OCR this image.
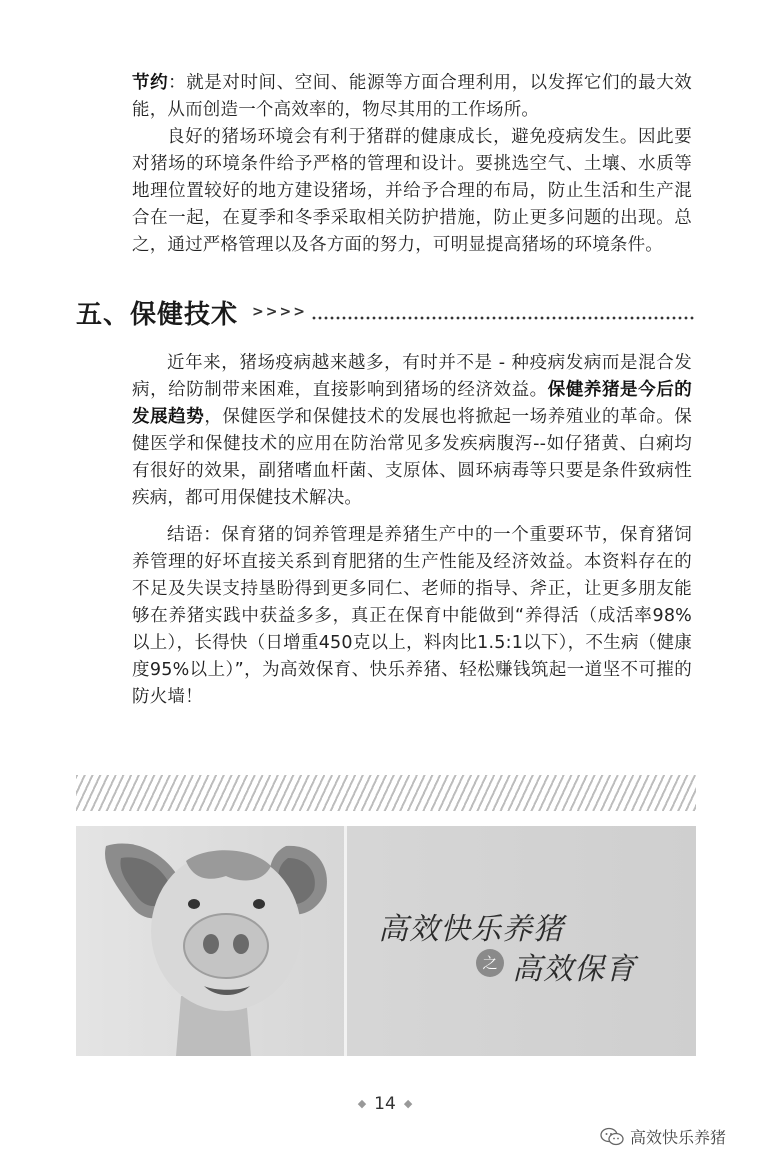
节约：就是对时间、空间、能源等方面合理利用，以发挥它们的最大效能，从而创造一个高效率的，物尽其用的工作场所。
良好的猪场环境会有利于猪群的健康成长，避免疫病发生。因此要对猪场的环境条件给予严格的管理和设计。要挑选空气、土壤、水质等地理位置较好的地方建设猪场，并给予合理的布局，防止生活和生产混合在一起，在夏季和冬季采取相关防护措施，防止更多问题的出现。总之，通过严格管理以及各方面的努力，可明显提高猪场的环境条件。
五、保健技术 >>>>
近年来，猪场疫病越来越多，有时并不是 - 种疫病发病而是混合发病，给防制带来困难，直接影响到猪场的经济效益。保健养猪是今后的发展趋势，保健医学和保健技术的发展也将掀起一场养殖业的革命。保健医学和保健技术的应用在防治常见多发疾病腹泻--如仔猪黄、白痢均有很好的效果，副猪嗜血杆菌、支原体、圆环病毒等只要是条件致病性疾病，都可用保健技术解决。
结语：保育猪的饲养管理是养猪生产中的一个重要环节，保育猪饲养管理的好坏直接关系到育肥猪的生产性能及经济效益。本资料存在的不足及失误支持垦盼得到更多同仁、老师的指导、斧正，让更多朋友能够在养猪实践中获益多多，真正在保育中能做到“养得活（成活率98%以上），长得快（日增重450克以上，料肉比1.5:1以下），不生病（健康度95%以上）”，为高效保育、快乐养猪、轻松赚钱筑起一道坚不可摧的防火墙！
高效快乐养猪
之 高效保育
◆ 14 ◆
高效快乐养猪
